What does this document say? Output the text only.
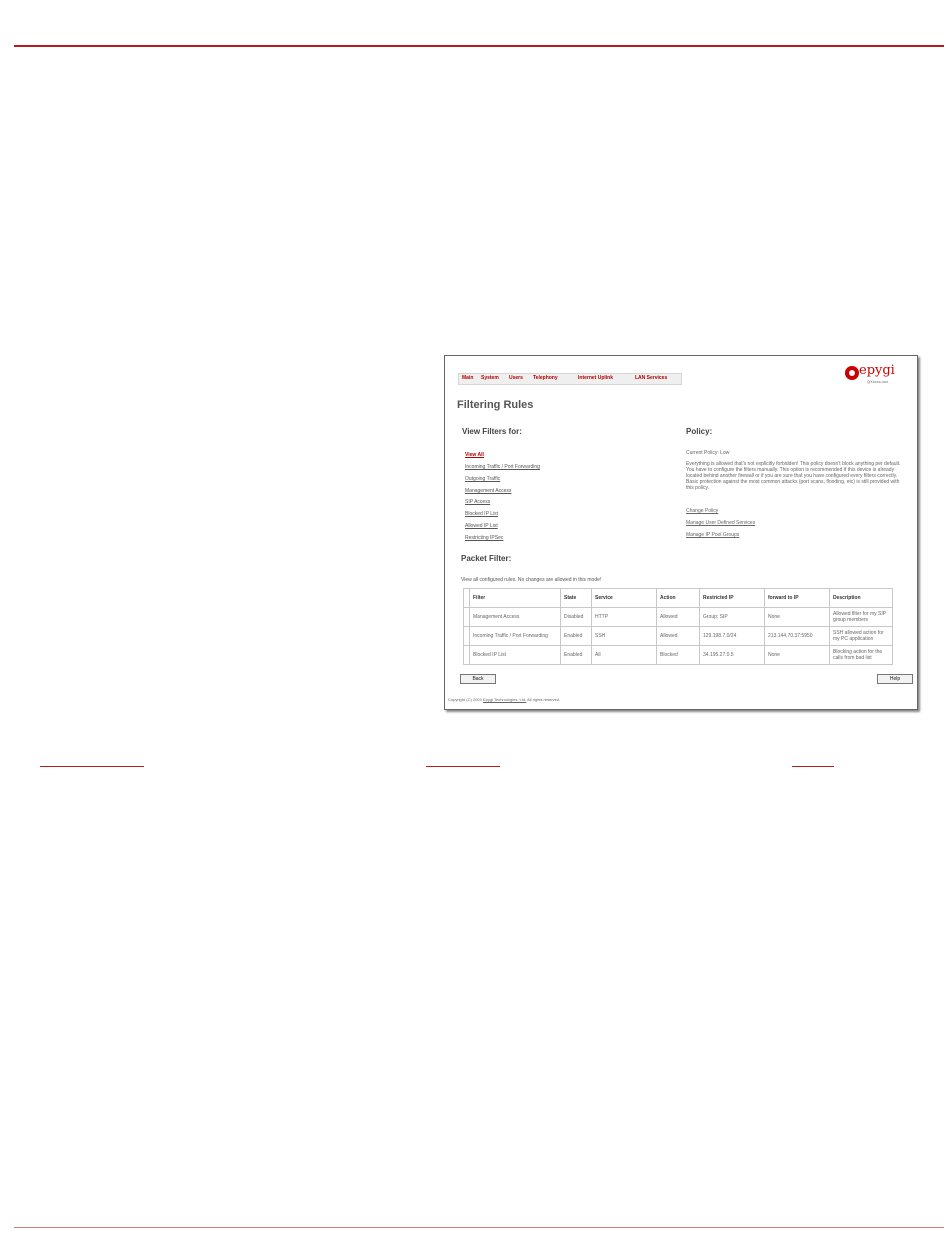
Main System Users Telephony	Internet Uplink	LAN Services	epygi
QXxxxx-xxx
Filtering Rules
View Filters for:	Policy:
View All
Incoming Traffic / Port Forwarding
Outgoing Traffic
Management Access
SIP Access
Blocked IP List
Allowed IP List
Restricting IPSec
Current Policy: Low
Everything is allowed that's not explicitly forbidden! This policy doesn't block anything per default. You have to configure the filters manually. This option is recommended if this device is already located behind another firewall or if you are sure that you have configured every filters correctly. Basic protection against the most common attacks (port scans, flooding, etc) is still provided with this policy.
Change Policy
Manage User Defined Services
Manage IP Pool Groups
Packet Filter:
View all configured rules. No changes are allowed in this mode!
	Filter	State	Service	Action	Restricted IP	forward to IP	Description
	Management Access	Disabled	HTTP	Allowed	Group: SIP	None	Allowed filter for my SIP group members
	Incoming Traffic / Port Forwarding	Enabled	SSH	Allowed	129.198.7.0/24	213.144.70.37:5950	SSH allowed action for my PC application
	Blocked IP List	Enabled	All	Blocked	34.195.27.0.5	None	Blocking action for the calls from bad list
Back	Help
Copyright (C) 2003 Epygi Technologies, Ltd. All rights reserved.
